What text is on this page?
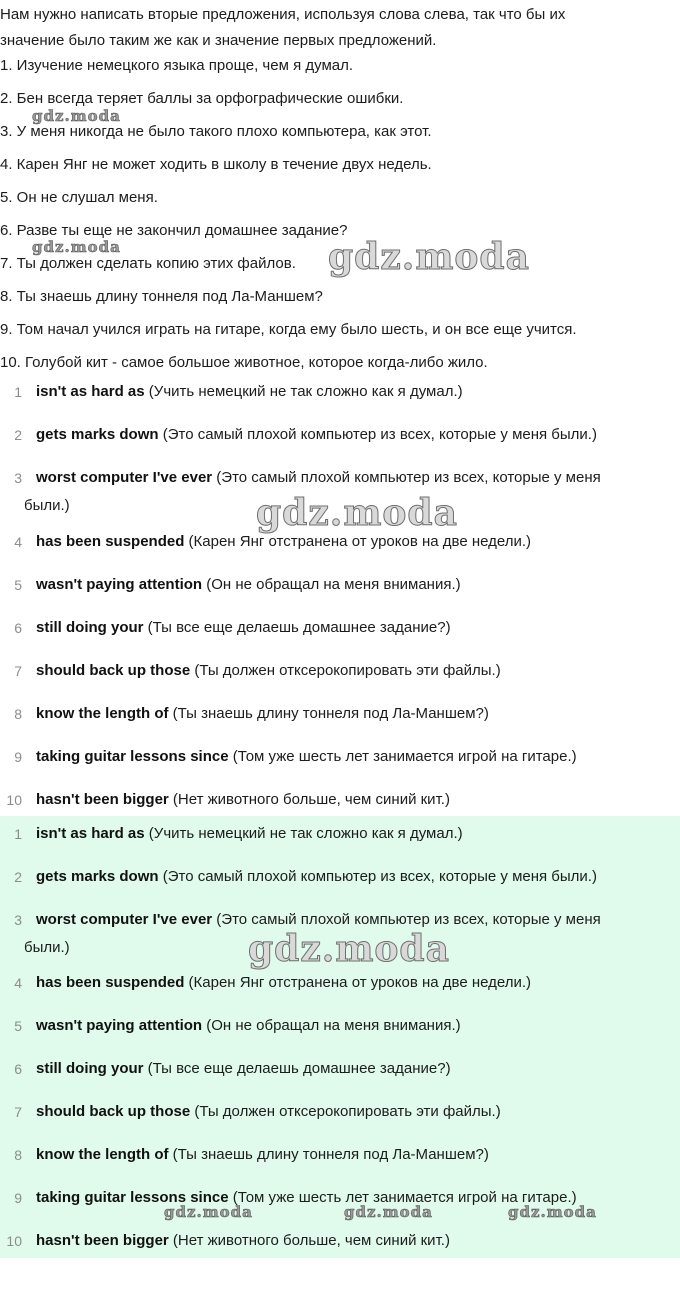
Нам нужно написать вторые предложения, используя слова слева, так что бы их
значение было таким же как и значение первых предложений.
1. Изучение немецкого языка проще, чем я думал.
2. Бен всегда теряет баллы за орфографические ошибки.
3. У меня никогда не было такого плохо компьютера, как этот.
4. Карен Янг не может ходить в школу в течение двух недель.
5. Он не слушал меня.
6. Разве ты еще не закончил домашнее задание?
7. Ты должен сделать копию этих файлов.
8. Ты знаешь длину тоннеля под Ла-Маншем?
9. Том начал учился играть на гитаре, когда ему было шесть, и он все еще учится.
10. Голубой кит - самое большое животное, которое когда-либо жило.
1 isn't as hard as (Учить немецкий не так сложно как я думал.)
2 gets marks down (Это самый плохой компьютер из всех, которые у меня были.)
3 worst computer I've ever (Это самый плохой компьютер из всех, которые у меня
были.)
4 has been suspended (Карен Янг отстранена от уроков на две недели.)
5 wasn't paying attention (Он не обращал на меня внимания.)
6 still doing your (Ты все еще делаешь домашнее задание?)
7 should back up those (Ты должен отксерокопировать эти файлы.)
8 know the length of (Ты знаешь длину тоннеля под Ла-Маншем?)
9 taking guitar lessons since (Том уже шесть лет занимается игрой на гитаре.)
10 hasn't been bigger (Нет животного больше, чем синий кит.)
1 isn't as hard as (Учить немецкий не так сложно как я думал.)
2 gets marks down (Это самый плохой компьютер из всех, которые у меня были.)
3 worst computer I've ever (Это самый плохой компьютер из всех, которые у меня
были.)
4 has been suspended (Карен Янг отстранена от уроков на две недели.)
5 wasn't paying attention (Он не обращал на меня внимания.)
6 still doing your (Ты все еще делаешь домашнее задание?)
7 should back up those (Ты должен отксерокопировать эти файлы.)
8 know the length of (Ты знаешь длину тоннеля под Ла-Маншем?)
9 taking guitar lessons since (Том уже шесть лет занимается игрой на гитаре.)
10 hasn't been bigger (Нет животного больше, чем синий кит.)
gdz.moda
gdz.moda	gdz.moda
gdz.moda
gdz.moda
gdz.moda	gdz.moda	gdz.moda
